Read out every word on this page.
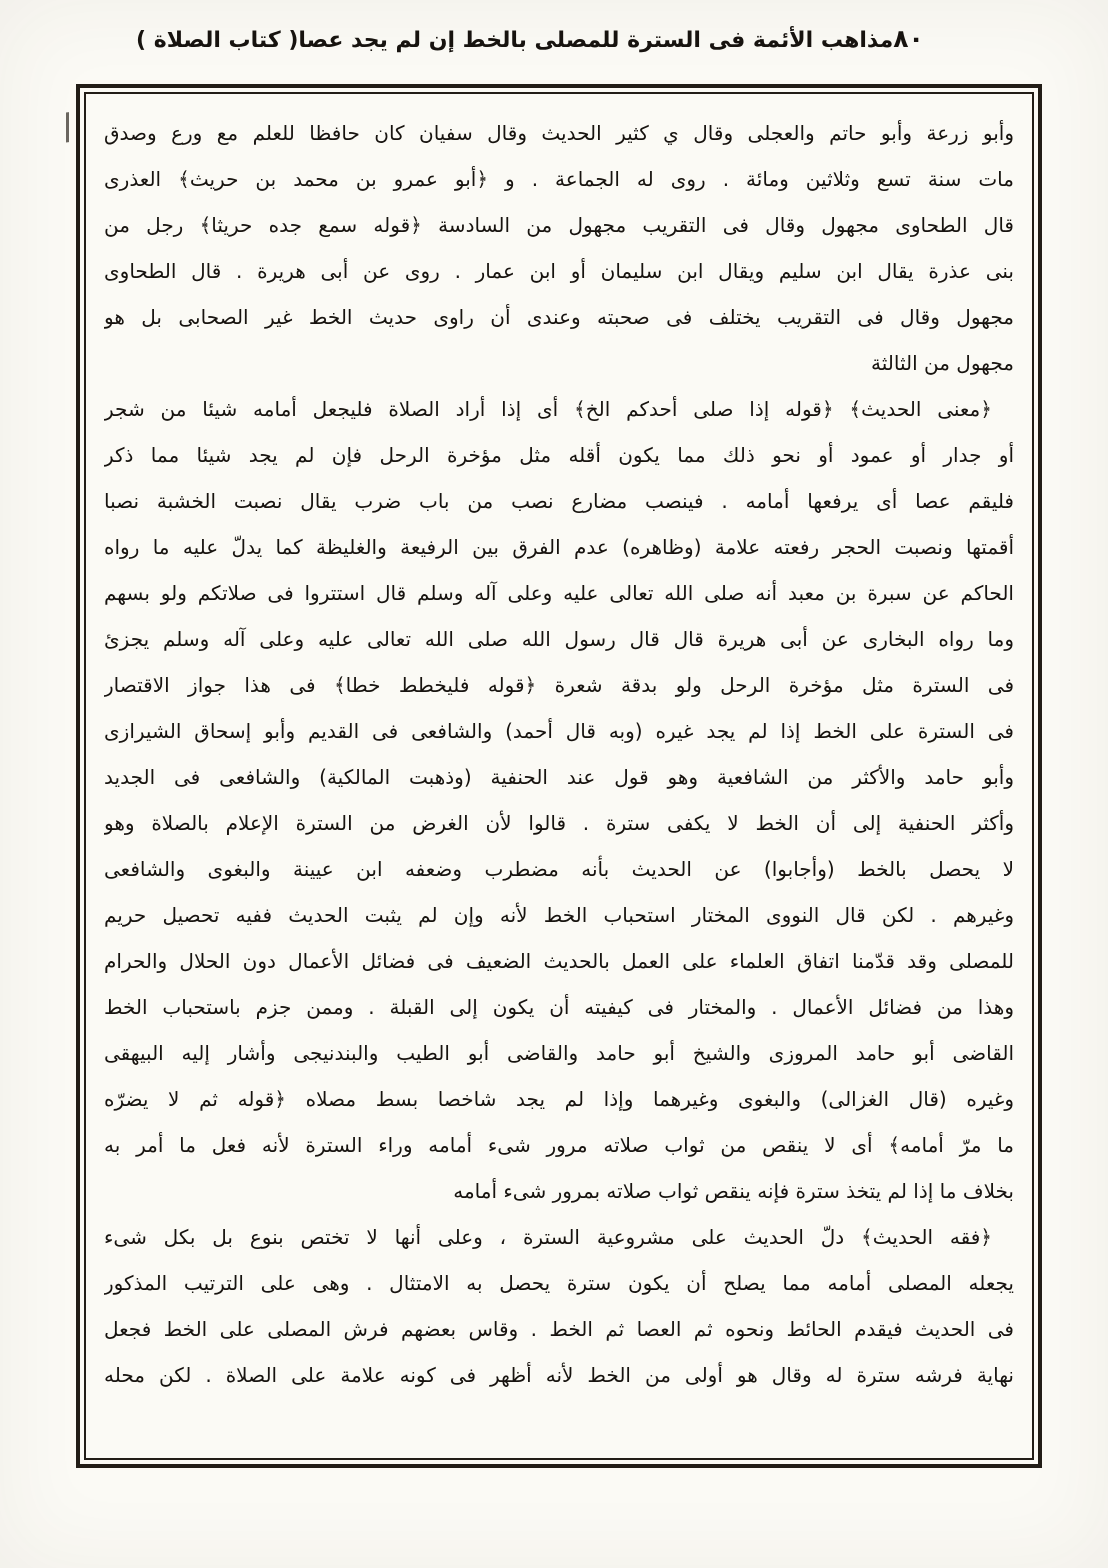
( كتاب الصلاة ) مذاهب الأئمة فى السترة للمصلى بالخط إن لم يجد عصا ٨٠
وأبو زرعة وأبو حاتم والعجلى وقال ي كثير الحديث وقال سفيان كان حافظا للعلم مع ورع وصدق
مات سنة تسع وثلاثين ومائة . روى له الجماعة . و ﴿أبو عمرو بن محمد بن حريث﴾ العذرى
قال الطحاوى مجهول وقال فى التقريب مجهول من السادسة ﴿قوله سمع جده حريثا﴾ رجل من
بنى عذرة يقال ابن سليم ويقال ابن سليمان أو ابن عمار . روى عن أبى هريرة . قال الطحاوى
مجهول وقال فى التقريب يختلف فى صحبته وعندى أن راوى حديث الخط غير الصحابى بل هو
مجهول من الثالثة
﴿معنى الحديث﴾ ﴿قوله إذا صلى أحدكم الخ﴾ أى إذا أراد الصلاة فليجعل أمامه شيئا من شجر
أو جدار أو عمود أو نحو ذلك مما يكون أقله مثل مؤخرة الرحل فإن لم يجد شيئا مما ذكر
فليقم عصا أى يرفعها أمامه . فينصب مضارع نصب من باب ضرب يقال نصبت الخشبة نصبا
أقمتها ونصبت الحجر رفعته علامة (وظاهره) عدم الفرق بين الرفيعة والغليظة كما يدلّ عليه ما رواه
الحاكم عن سبرة بن معبد أنه صلى الله تعالى عليه وعلى آله وسلم قال استتروا فى صلاتكم ولو بسهم
وما رواه البخارى عن أبى هريرة قال قال رسول الله صلى الله تعالى عليه وعلى آله وسلم يجزئ
فى السترة مثل مؤخرة الرحل ولو بدقة شعرة ﴿قوله فليخطط خطا﴾ فى هذا جواز الاقتصار
فى السترة على الخط إذا لم يجد غيره (وبه قال أحمد) والشافعى فى القديم وأبو إسحاق الشيرازى
وأبو حامد والأكثر من الشافعية وهو قول عند الحنفية (وذهبت المالكية) والشافعى فى الجديد
وأكثر الحنفية إلى أن الخط لا يكفى سترة . قالوا لأن الغرض من السترة الإعلام بالصلاة وهو
لا يحصل بالخط (وأجابوا) عن الحديث بأنه مضطرب وضعفه ابن عيينة والبغوى والشافعى
وغيرهم . لكن قال النووى المختار استحباب الخط لأنه وإن لم يثبت الحديث ففيه تحصيل حريم
للمصلى وقد قدّمنا اتفاق العلماء على العمل بالحديث الضعيف فى فضائل الأعمال دون الحلال والحرام
وهذا من فضائل الأعمال . والمختار فى كيفيته أن يكون إلى القبلة . وممن جزم باستحباب الخط
القاضى أبو حامد المروزى والشيخ أبو حامد والقاضى أبو الطيب والبندنيجى وأشار إليه البيهقى
وغيره (قال الغزالى) والبغوى وغيرهما وإذا لم يجد شاخصا بسط مصلاه ﴿قوله ثم لا يضرّه
ما مرّ أمامه﴾ أى لا ينقص من ثواب صلاته مرور شىء أمامه وراء السترة لأنه فعل ما أمر به
بخلاف ما إذا لم يتخذ سترة فإنه ينقص ثواب صلاته بمرور شىء أمامه
﴿فقه الحديث﴾ دلّ الحديث على مشروعية السترة ، وعلى أنها لا تختص بنوع بل بكل شىء
يجعله المصلى أمامه مما يصلح أن يكون سترة يحصل به الامتثال . وهى على الترتيب المذكور
فى الحديث فيقدم الحائط ونحوه ثم العصا ثم الخط . وقاس بعضهم فرش المصلى على الخط فجعل
نهاية فرشه سترة له وقال هو أولى من الخط لأنه أظهر فى كونه علامة على الصلاة . لكن محله
